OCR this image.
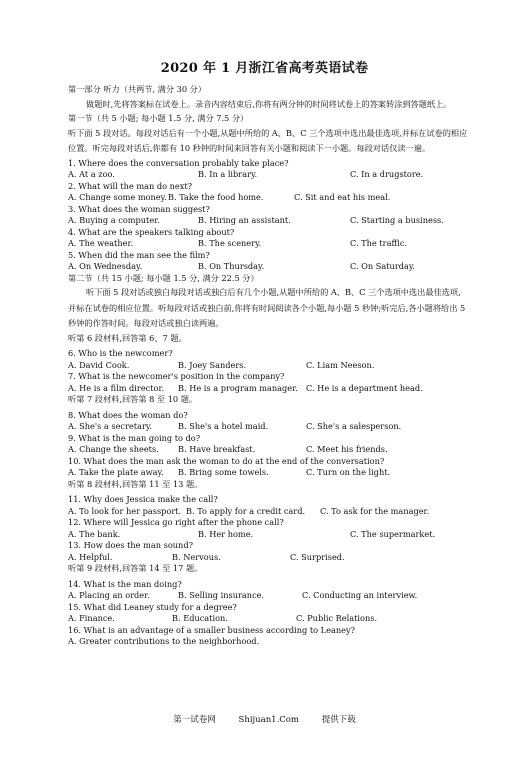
2020 年 1 月浙江省高考英语试卷
第一部分 听力（共两节, 满分 30 分）
做题时,先将答案标在试卷上。录音内容结束后,你将有两分钟的时间将试卷上的答案转涂到答题纸上。
第一节（共 5 小题; 每小题 1.5 分, 满分 7.5 分）
听下面 5 段对话。每段对话后有一个小题,从题中所给的 A、B、C 三个选项中选出最佳选项,并标在试卷的相应位置。听完每段对话后,你都有 10 秒钟的时间来回答有关小题和阅读下一小题。每段对话仅读一遍。
1. Where does the conversation probably take place?
A. At a zoo.	B. In a library.	C. In a drugstore.
2. What will the man do next?
A. Change some money. B. Take the food home.	C. Sit and eat his meal.
3. What does the woman suggest?
A. Buying a computer.	B. Hiring an assistant.	C. Starting a business.
4. What are the speakers talking about?
A. The weather.	B. The scenery.	C. The traffic.
5. When did the man see the film?
A. On Wednesday.	B. On Thursday.	C. On Saturday.
第二节（共 15 小题; 每小题 1.5 分, 满分 22.5 分）
听下面 5 段对话或独白每段对话或独白后有几个小题,从题中所给的 A、B、C 三个选项中选出最佳选项,并标在试卷的相应位置。听每段对话或独白前,你将有时间阅读各个小题,每小题 5 秒钟;听完后,各小题将给出 5 秒钟的作答时间。每段对话或独白读两遍。
听第 6 段材料,回答第 6、7 题。
6. Who is the newcomer?
A. David Cook.	B. Joey Sanders.	C. Liam Neeson.
7. What is the newcomer's position in the company?
A. He is a film director.	B. He is a program manager.	C. He is a department head.
听第 7 段材料,回答第 8 至 10 题。
8. What does the woman do?
A. She's a secretary.	B. She's a hotel maid.	C. She's a salesperson.
9. What is the man going to do?
A. Change the sheets.	B. Have breakfast.	C. Meet his friends.
10. What does the man ask the woman to do at the end of the conversation?
A. Take the plate away.	B. Bring some towels.	C. Turn on the light.
听第 8 段材料,回答第 11 至 13 题。
11. Why does Jessica make the call?
A. To look for her passport. B. To apply for a credit card.	C. To ask for the manager.
12. Where will Jessica go right after the phone call?
A. The bank.	B. Her home.	C. The supermarket.
13. How does the man sound?
A. Helpful.	B. Nervous.	C. Surprised.
听第 9 段材料,回答第 14 至 17 题。
14. What is the man doing?
A. Placing an order.	B. Selling insurance.	C. Conducting an interview.
15. What did Leaney study for a degree?
A. Finance.	B. Education.	C. Public Relations.
16. What is an advantage of a smaller business according to Leaney?
A. Greater contributions to the neighborhood.
第一试卷网	Shijuan1.Com	提供下载
